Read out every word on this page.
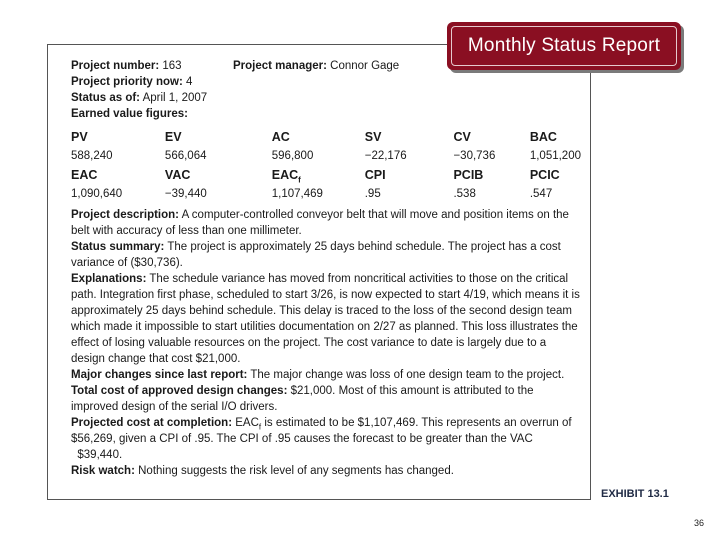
Monthly Status Report
Project number: 163	Project manager: Connor Gage
Project priority now: 4
Status as of: April 1, 2007
Earned value figures:
PV	EV	AC	SV	CV	BAC
588,240	566,064	596,800	−22,176	−30,736	1,051,200
EAC	VAC	$EAC_f$	CPI	PCIB	PCIC
1,090,640	−39,440	1,107,469	.95	.538	.547

Project description: A computer-controlled conveyor belt that will move and position items on the belt with accuracy of less than one millimeter.

Status summary: The project is approximately 25 days behind schedule. The project has a cost variance of ($30,736).

Explanations: The schedule variance has moved from noncritical activities to those on the critical path. Integration first phase, scheduled to start 3/26, is now expected to start 4/19, which means it is approximately 25 days behind schedule. This delay is traced to the loss of the second design team which made it impossible to start utilities documentation on 2/27 as planned. This loss illustrates the effect of losing valuable resources on the project. The cost variance to date is largely due to a design change that cost $21,000.

Major changes since last report: The major change was loss of one design team to the project.

Total cost of approved design changes: $21,000. Most of this amount is attributed to the improved design of the serial I/O drivers.

Projected cost at completion: $EAC_f$ is estimated to be $1,107,469. This represents an overrun of $56,269, given a CPI of .95. The CPI of .95 causes the forecast to be greater than the VAC   $39,440.

Risk watch: Nothing suggests the risk level of any segments has changed.

EXHIBIT 13.1
36
